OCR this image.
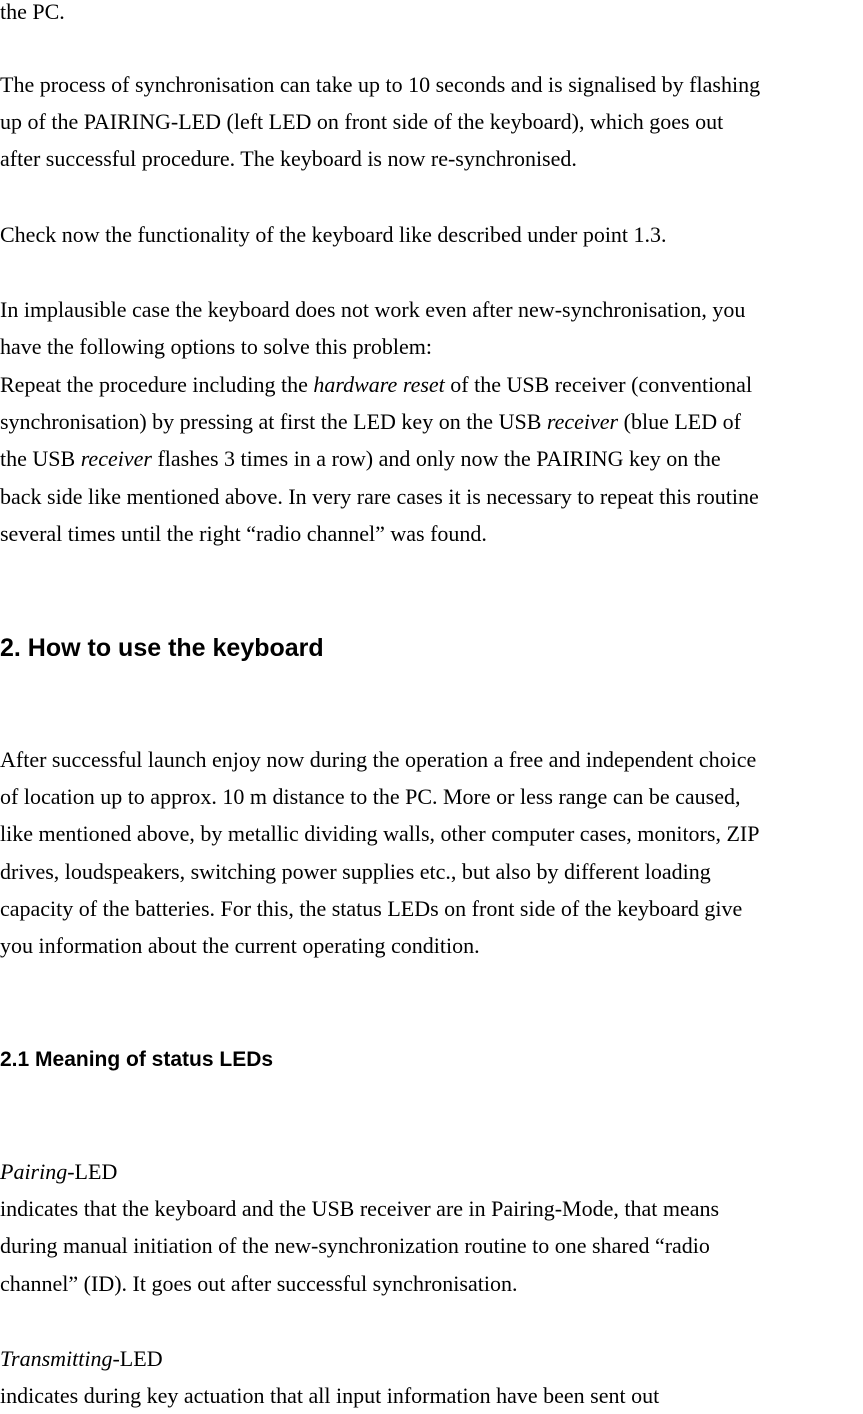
the PC.
The process of synchronisation can take up to 10 seconds and is signalised by flashing
up of the PAIRING-LED (left LED on front side of the keyboard), which goes out
after successful procedure. The keyboard is now re-synchronised.
Check now the functionality of the keyboard like described under point 1.3.
In implausible case the keyboard does not work even after new-synchronisation, you
have the following options to solve this problem:
Repeat the procedure including the hardware reset of the USB receiver (conventional
synchronisation) by pressing at first the LED key on the USB receiver (blue LED of
the USB receiver flashes 3 times in a row) and only now the PAIRING key on the
back side like mentioned above. In very rare cases it is necessary to repeat this routine
several times until the right “radio channel” was found.
2. How to use the keyboard
After successful launch enjoy now during the operation a free and independent choice
of location up to approx. 10 m distance to the PC. More or less range can be caused,
like mentioned above, by metallic dividing walls, other computer cases, monitors, ZIP
drives, loudspeakers, switching power supplies etc., but also by different loading
capacity of the batteries. For this, the status LEDs on front side of the keyboard give
you information about the current operating condition.
2.1 Meaning of status LEDs
Pairing-LED
indicates that the keyboard and the USB receiver are in Pairing-Mode, that means
during manual initiation of the new-synchronization routine to one shared “radio
channel” (ID). It goes out after successful synchronisation.
Transmitting-LED
indicates during key actuation that all input information have been sent out
